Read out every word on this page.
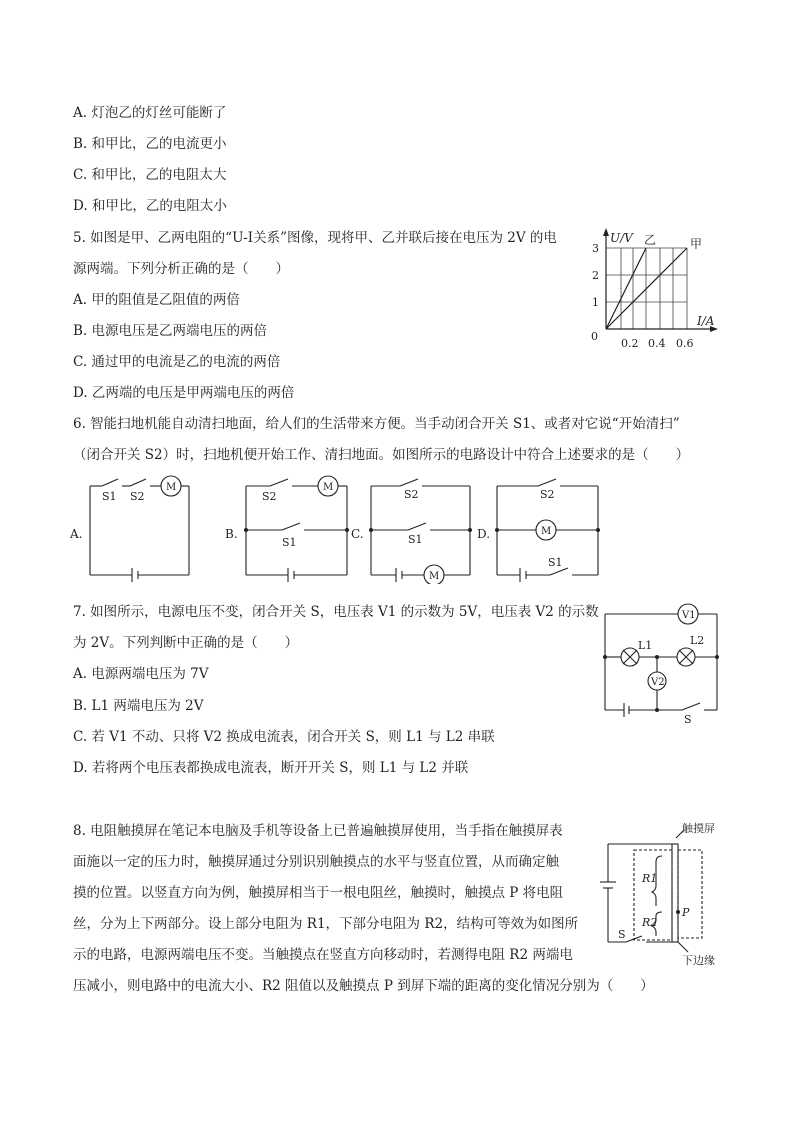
A. 灯泡乙的灯丝可能断了
B. 和甲比，乙的电流更小
C. 和甲比，乙的电阻太大
D. 和甲比，乙的电阻太小
5. 如图是甲、乙两电阻的“U-I关系”图像，现将甲、乙并联后接在电压为 2V 的电
源两端。下列分析正确的是（　　）
A. 甲的阻值是乙阻值的两倍
B. 电源电压是乙两端电压的两倍
C. 通过甲的电流是乙的电流的两倍
D. 乙两端的电压是甲两端电压的两倍
U/V
I/A
乙	甲
3
2
1
0
0.2 0.4 0.6
6. 智能扫地机能自动清扫地面，给人们的生活带来方便。当手动闭合开关 S1、或者对它说“开始清扫”
（闭合开关 S2）时，扫地机便开始工作、清扫地面。如图所示的电路设计中符合上述要求的是（　　）
M	M
M
M
S1 S2	S2
S1
S2
S1
S2
S1
A.	B.	C.	D.
7. 如图所示，电源电压不变，闭合开关 S，电压表 V1 的示数为 5V，电压表 V2 的示数
为 2V。下列判断中正确的是（　　）
A. 电源两端电压为 7V
B. L1 两端电压为 2V
C. 若 V1 不动、只将 V2 换成电流表，闭合开关 S，则 L1 与 L2 串联
D. 若将两个电压表都换成电流表，断开开关 S，则 L1 与 L2 并联
V1
V2
L1	L2
S
8. 电阻触摸屏在笔记本电脑及手机等设备上已普遍触摸屏使用，当手指在触摸屏表
面施以一定的压力时，触摸屏通过分别识别触摸点的水平与竖直位置，从而确定触
摸的位置。以竖直方向为例，触摸屏相当于一根电阻丝，触摸时，触摸点 P 将电阻
丝，分为上下两部分。设上部分电阻为 R1，下部分电阻为 R2，结构可等效为如图所
示的电路，电源两端电压不变。当触摸点在竖直方向移动时，若测得电阻 R2 两端电
压减小，则电路中的电流大小、R2 阻值以及触摸点 P 到屏下端的距离的变化情况分别为（　　）
触摸屏
下边缘
R1
R2
P
S
